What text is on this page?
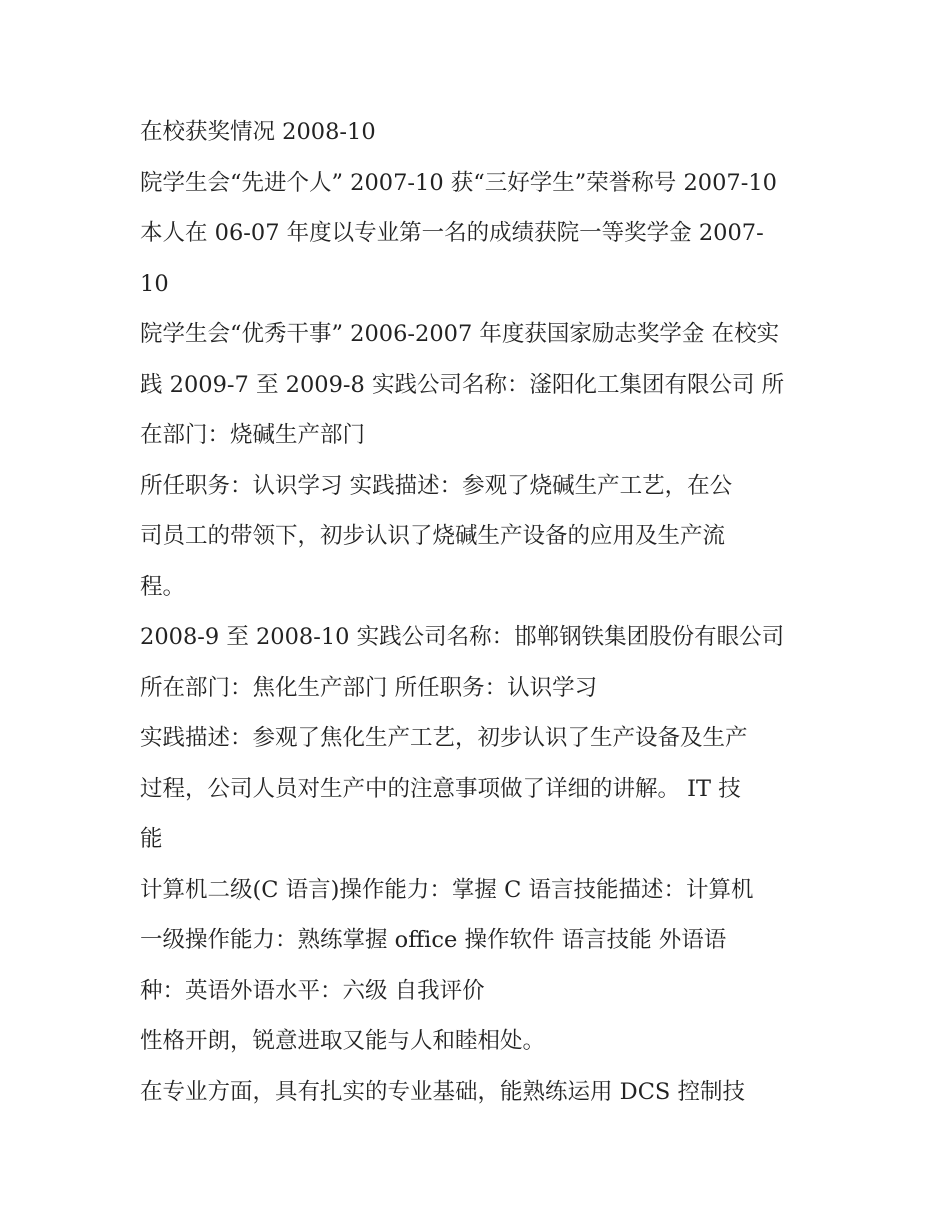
在校获奖情况 2008-10
院学生会“先进个人” 2007-10 获“三好学生”荣誉称号 2007-10
本人在 06-07 年度以专业第一名的成绩获院一等奖学金 2007-
10
院学生会“优秀干事” 2006-2007 年度获国家励志奖学金 在校实
践 2009-7 至 2009-8 实践公司名称：滏阳化工集团有限公司 所
在部门：烧碱生产部门
所任职务：认识学习 实践描述：参观了烧碱生产工艺，在公
司员工的带领下，初步认识了烧碱生产设备的应用及生产流
程。
2008-9 至 2008-10 实践公司名称：邯郸钢铁集团股份有眼公司
所在部门：焦化生产部门 所任职务：认识学习
实践描述：参观了焦化生产工艺，初步认识了生产设备及生产
过程，公司人员对生产中的注意事项做了详细的讲解。 IT 技
能
计算机二级(C 语言)操作能力：掌握 C 语言技能描述：计算机
一级操作能力：熟练掌握 office 操作软件 语言技能 外语语
种：英语外语水平：六级 自我评价
性格开朗，锐意进取又能与人和睦相处。
在专业方面，具有扎实的专业基础，能熟练运用 DCS 控制技
